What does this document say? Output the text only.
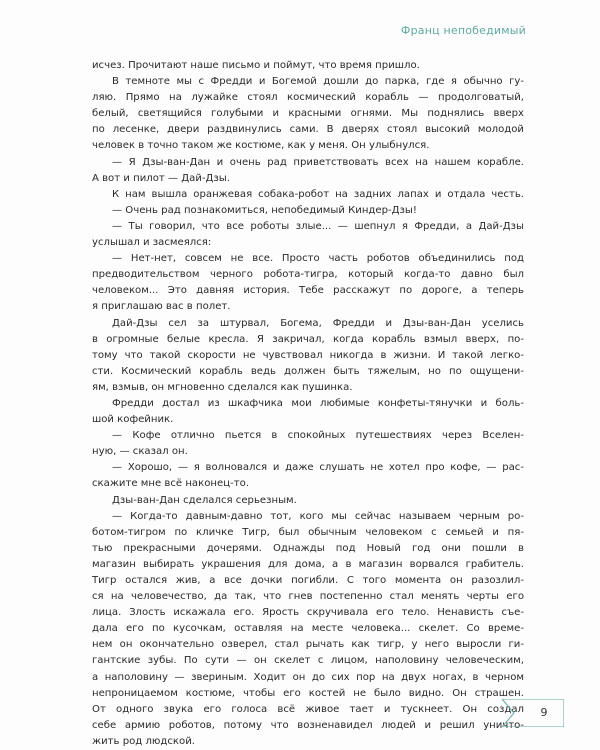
Франц непобедимый
исчез. Прочитают наше письмо и поймут, что время пришло.
В темноте мы с Фредди и Богемой дошли до парка, где я обычно гу-
ляю. Прямо на лужайке стоял космический корабль — продолговатый,
белый, светящийся голубыми и красными огнями. Мы поднялись вверх
по лесенке, двери раздвинулись сами. В дверях стоял высокий молодой
человек в точно таком же костюме, как у меня. Он улыбнулся.
— Я Дзы-ван-Дан и очень рад приветствовать всех на нашем корабле.
А вот и пилот — Дай-Дзы.
К нам вышла оранжевая собака-робот на задних лапах и отдала честь.
— Очень рад познакомиться, непобедимый Киндер-Дзы!
— Ты говорил, что все роботы злые... — шепнул я Фредди, а Дай-Дзы
услышал и засмеялся:
— Нет-нет, совсем не все. Просто часть роботов объединились под
предводительством черного робота-тигра, который когда-то давно был
человеком... Это давняя история. Тебе расскажут по дороге, а теперь
я приглашаю вас в полет.
Дай-Дзы сел за штурвал, Богема, Фредди и Дзы-ван-Дан уселись
в огромные белые кресла. Я закричал, когда корабль взмыл вверх, по-
тому что такой скорости не чувствовал никогда в жизни. И такой легко-
сти. Космический корабль ведь должен быть тяжелым, но по ощущени-
ям, взмыв, он мгновенно сделался как пушинка.
Фредди достал из шкафчика мои любимые конфеты-тянучки и боль-
шой кофейник.
— Кофе отлично пьется в спокойных путешествиях через Вселен-
ную, — сказал он.
— Хорошо, — я волновался и даже слушать не хотел про кофе, — рас-
скажите мне всё наконец-то.
Дзы-ван-Дан сделался серьезным.
— Когда-то давным-давно тот, кого мы сейчас называем черным ро-
ботом-тигром по кличке Тигр, был обычным человеком с семьей и пя-
тью прекрасными дочерями. Однажды под Новый год они пошли в
магазин выбирать украшения для дома, а в магазин ворвался грабитель.
Тигр остался жив, а все дочки погибли. С того момента он разозлил-
ся на человечество, да так, что гнев постепенно стал менять черты его
лица. Злость искажала его. Ярость скручивала его тело. Ненависть съе-
дала его по кусочкам, оставляя на месте человека... скелет. Со време-
нем он окончательно озверел, стал рычать как тигр, у него выросли ги-
гантские зубы. По сути — он скелет с лицом, наполовину человеческим,
а наполовину — звериным. Ходит он до сих пор на двух ногах, в черном
непроницаемом костюме, чтобы его костей не было видно. Он страшен.
От одного звука его голоса всё живое тает и тускнеет. Он создал
себе армию роботов, потому что возненавидел людей и решил уничто-
жить род людской.
9
